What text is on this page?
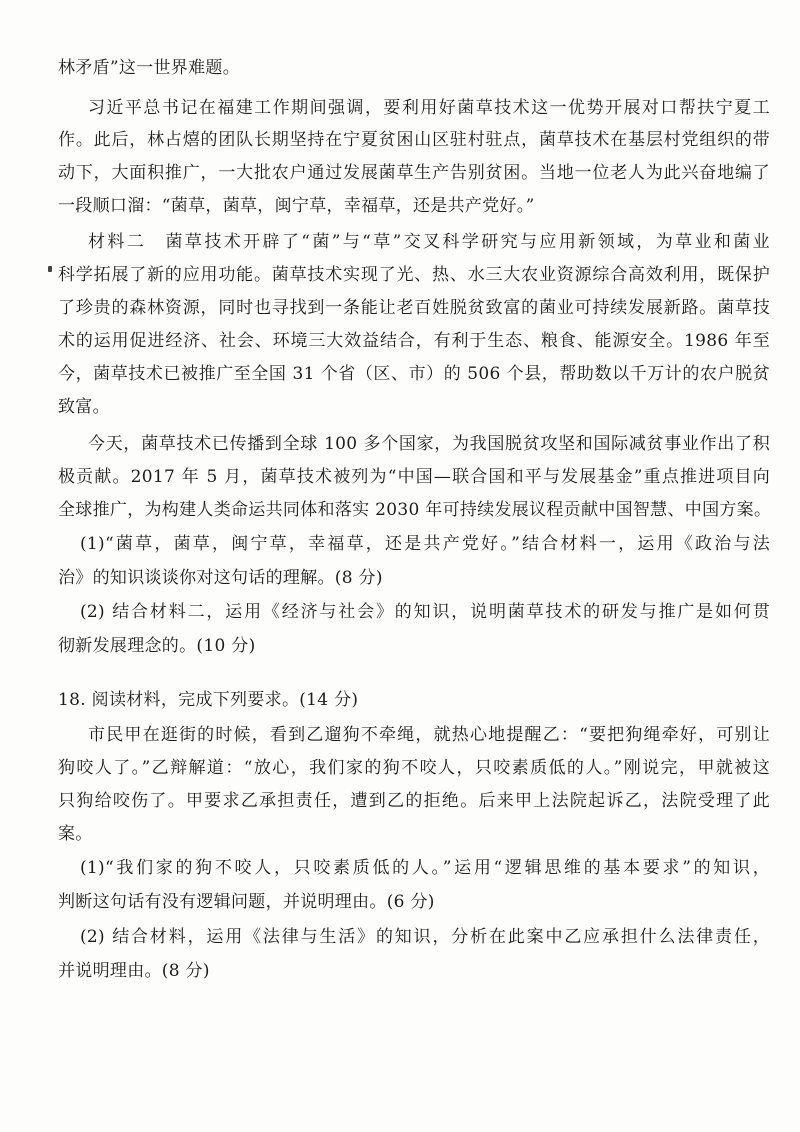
林矛盾”这一世界难题。
习近平总书记在福建工作期间强调，要利用好菌草技术这一优势开展对口帮扶宁夏工
作。此后，林占熺的团队长期坚持在宁夏贫困山区驻村驻点，菌草技术在基层村党组织的带
动下，大面积推广，一大批农户通过发展菌草生产告别贫困。当地一位老人为此兴奋地编了
一段顺口溜：“菌草，菌草，闽宁草，幸福草，还是共产党好。”
材料二　菌草技术开辟了“菌”与“草”交叉科学研究与应用新领域，为草业和菌业
科学拓展了新的应用功能。菌草技术实现了光、热、水三大农业资源综合高效利用，既保护
了珍贵的森林资源，同时也寻找到一条能让老百姓脱贫致富的菌业可持续发展新路。菌草技
术的运用促进经济、社会、环境三大效益结合，有利于生态、粮食、能源安全。1986 年至
今，菌草技术已被推广至全国 31 个省（区、市）的 506 个县，帮助数以千万计的农户脱贫
致富。
今天，菌草技术已传播到全球 100 多个国家，为我国脱贫攻坚和国际减贫事业作出了积
极贡献。2017 年 5 月，菌草技术被列为“中国—联合国和平与发展基金”重点推进项目向
全球推广，为构建人类命运共同体和落实 2030 年可持续发展议程贡献中国智慧、中国方案。
(1)“菌草，菌草，闽宁草，幸福草，还是共产党好。”结合材料一，运用《政治与法
治》的知识谈谈你对这句话的理解。(8 分)
(2) 结合材料二，运用《经济与社会》的知识，说明菌草技术的研发与推广是如何贯
彻新发展理念的。(10 分)
18. 阅读材料，完成下列要求。(14 分)
市民甲在逛街的时候，看到乙遛狗不牵绳，就热心地提醒乙：“要把狗绳牵好，可别让
狗咬人了。”乙辩解道：“放心，我们家的狗不咬人，只咬素质低的人。”刚说完，甲就被这
只狗给咬伤了。甲要求乙承担责任，遭到乙的拒绝。后来甲上法院起诉乙，法院受理了此
案。
(1)“我们家的狗不咬人，只咬素质低的人。”运用“逻辑思维的基本要求”的知识，
判断这句话有没有逻辑问题，并说明理由。(6 分)
(2) 结合材料，运用《法律与生活》的知识，分析在此案中乙应承担什么法律责任，
并说明理由。(8 分)
